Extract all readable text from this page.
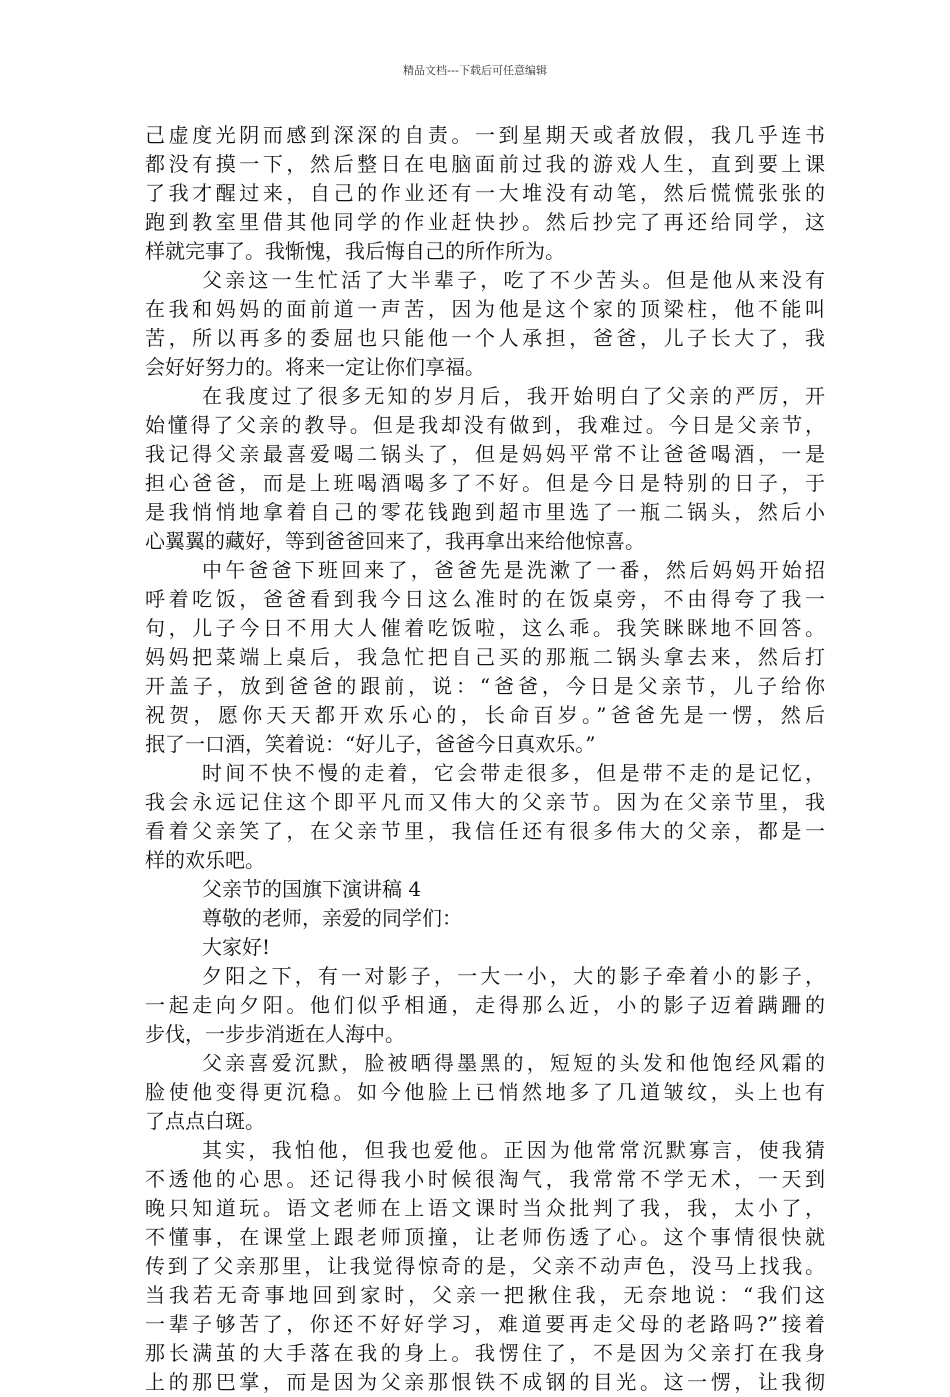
精品文档---下载后可任意编辑
己虚度光阴而感到深深的自责。一到星期天或者放假，我几乎连书
都没有摸一下，然后整日在电脑面前过我的游戏人生，直到要上课
了我才醒过来，自己的作业还有一大堆没有动笔，然后慌慌张张的
跑到教室里借其他同学的作业赶快抄。然后抄完了再还给同学，这
样就完事了。我惭愧，我后悔自己的所作所为。
父亲这一生忙活了大半辈子，吃了不少苦头。但是他从来没有
在我和妈妈的面前道一声苦，因为他是这个家的顶梁柱，他不能叫
苦，所以再多的委屈也只能他一个人承担，爸爸，儿子长大了，我
会好好努力的。将来一定让你们享福。
在我度过了很多无知的岁月后，我开始明白了父亲的严厉，开
始懂得了父亲的教导。但是我却没有做到，我难过。今日是父亲节，
我记得父亲最喜爱喝二锅头了，但是妈妈平常不让爸爸喝酒，一是
担心爸爸，而是上班喝酒喝多了不好。但是今日是特别的日子，于
是我悄悄地拿着自己的零花钱跑到超市里选了一瓶二锅头，然后小
心翼翼的藏好，等到爸爸回来了，我再拿出来给他惊喜。
中午爸爸下班回来了，爸爸先是洗漱了一番，然后妈妈开始招
呼着吃饭，爸爸看到我今日这么准时的在饭桌旁，不由得夸了我一
句，儿子今日不用大人催着吃饭啦，这么乖。我笑眯眯地不回答。
妈妈把菜端上桌后，我急忙把自己买的那瓶二锅头拿去来，然后打
开盖子，放到爸爸的跟前，说：“爸爸，今日是父亲节，儿子给你
祝贺，愿你天天都开欢乐心的，长命百岁。”爸爸先是一愣，然后
抿了一口酒，笑着说：“好儿子，爸爸今日真欢乐。”
时间不快不慢的走着，它会带走很多，但是带不走的是记忆，
我会永远记住这个即平凡而又伟大的父亲节。因为在父亲节里，我
看着父亲笑了，在父亲节里，我信任还有很多伟大的父亲，都是一
样的欢乐吧。
父亲节的国旗下演讲稿 4
尊敬的老师，亲爱的同学们：
大家好!
夕阳之下，有一对影子，一大一小，大的影子牵着小的影子，
一起走向夕阳。他们似乎相通，走得那么近，小的影子迈着蹒跚的
步伐，一步步消逝在人海中。
父亲喜爱沉默，脸被晒得墨黑的，短短的头发和他饱经风霜的
脸使他变得更沉稳。如今他脸上已悄然地多了几道皱纹，头上也有
了点点白斑。
其实，我怕他，但我也爱他。正因为他常常沉默寡言，使我猜
不透他的心思。还记得我小时候很淘气，我常常不学无术，一天到
晚只知道玩。语文老师在上语文课时当众批判了我，我，太小了，
不懂事，在课堂上跟老师顶撞，让老师伤透了心。这个事情很快就
传到了父亲那里，让我觉得惊奇的是，父亲不动声色，没马上找我。
当我若无奇事地回到家时，父亲一把揪住我，无奈地说：“我们这
一辈子够苦了，你还不好好学习，难道要再走父母的老路吗?”接着
那长满茧的大手落在我的身上。我愣住了，不是因为父亲打在我身
上的那巴掌，而是因为父亲那恨铁不成钢的目光。这一愣，让我彻
